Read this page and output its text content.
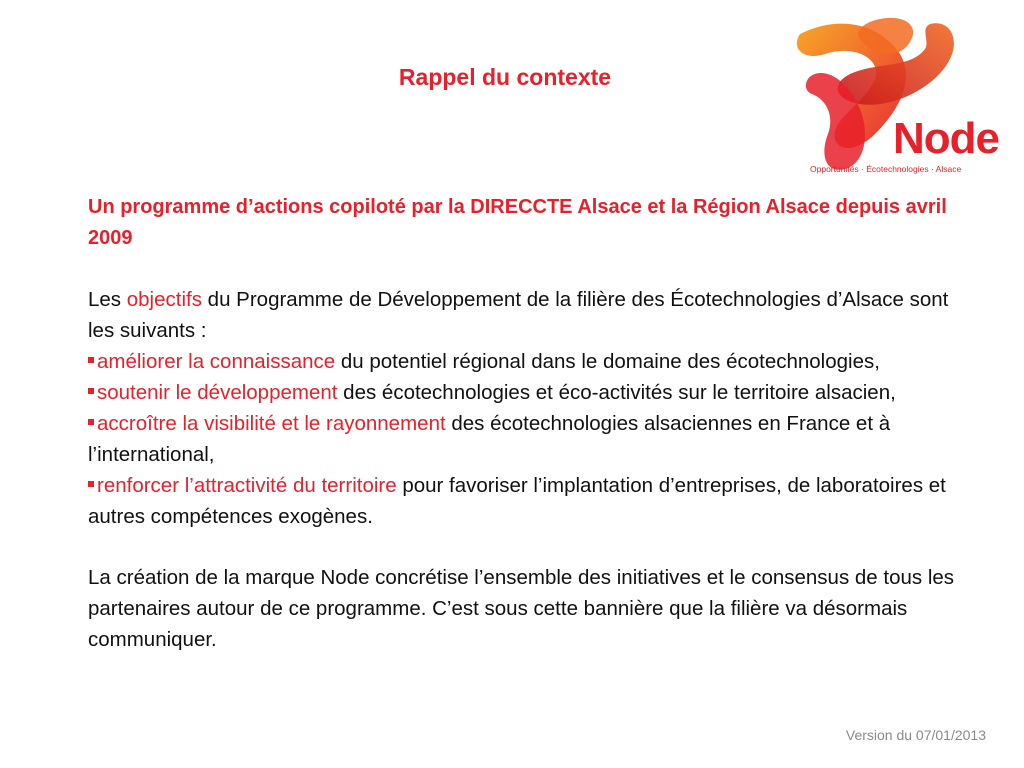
Rappel du contexte
Node
Opportunités · Écotechnologies · Alsace

Un programme d’actions copiloté par la DIRECCTE Alsace et la Région Alsace depuis avril 2009

Les objectifs du Programme de Développement de la filière des Écotechnologies d’Alsace sont les suivants :

améliorer la connaissance du potentiel régional dans le domaine des écotechnologies,

soutenir le développement des écotechnologies et éco-activités sur le territoire alsacien,

accroître la visibilité et le rayonnement des écotechnologies alsaciennes en France et à l’international,

renforcer l’attractivité du territoire pour favoriser l’implantation d’entreprises, de laboratoires et autres compétences exogènes.

La création de la marque Node concrétise l’ensemble des initiatives et le consensus de tous les partenaires autour de ce programme. C’est sous cette bannière que la filière va désormais communiquer.

Version du 07/01/2013
